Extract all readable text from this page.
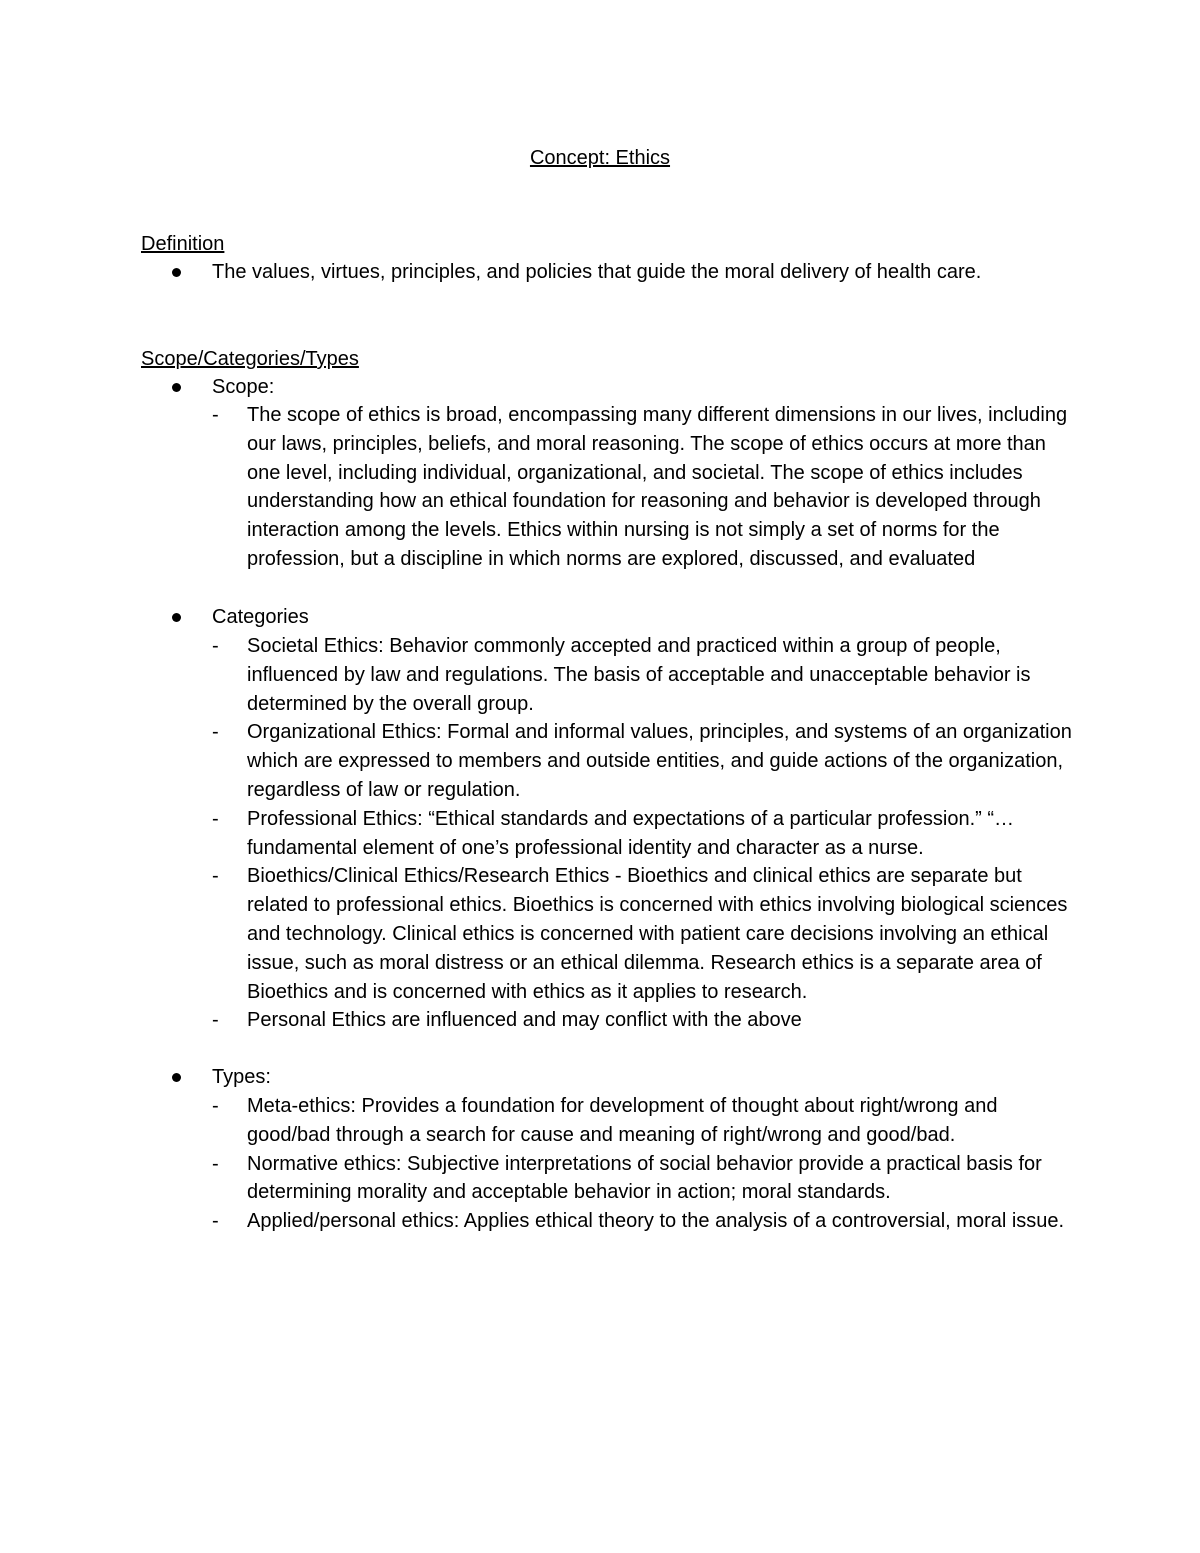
Concept: Ethics
Definition
The values, virtues, principles, and policies that guide the moral delivery of health care.
Scope/Categories/Types
Scope:
- The scope of ethics is broad, encompassing many different dimensions in our lives, including our laws, principles, beliefs, and moral reasoning. The scope of ethics occurs at more than one level, including individual, organizational, and societal. The scope of ethics includes understanding how an ethical foundation for reasoning and behavior is developed through interaction among the levels. Ethics within nursing is not simply a set of norms for the profession, but a discipline in which norms are explored, discussed, and evaluated
Categories
- Societal Ethics: Behavior commonly accepted and practiced within a group of people, influenced by law and regulations. The basis of acceptable and unacceptable behavior is determined by the overall group.
- Organizational Ethics: Formal and informal values, principles, and systems of an organization which are expressed to members and outside entities, and guide actions of the organization, regardless of law or regulation.
- Professional Ethics: “Ethical standards and expectations of a particular profession.” “…fundamental element of one’s professional identity and character as a nurse.
- Bioethics/Clinical Ethics/Research Ethics - Bioethics and clinical ethics are separate but related to professional ethics. Bioethics is concerned with ethics involving biological sciences and technology. Clinical ethics is concerned with patient care decisions involving an ethical issue, such as moral distress or an ethical dilemma. Research ethics is a separate area of Bioethics and is concerned with ethics as it applies to research.
- Personal Ethics are influenced and may conflict with the above
Types:
- Meta-ethics: Provides a foundation for development of thought about right/wrong and good/bad through a search for cause and meaning of right/wrong and good/bad.
- Normative ethics: Subjective interpretations of social behavior provide a practical basis for determining morality and acceptable behavior in action; moral standards.
- Applied/personal ethics: Applies ethical theory to the analysis of a controversial, moral issue.
